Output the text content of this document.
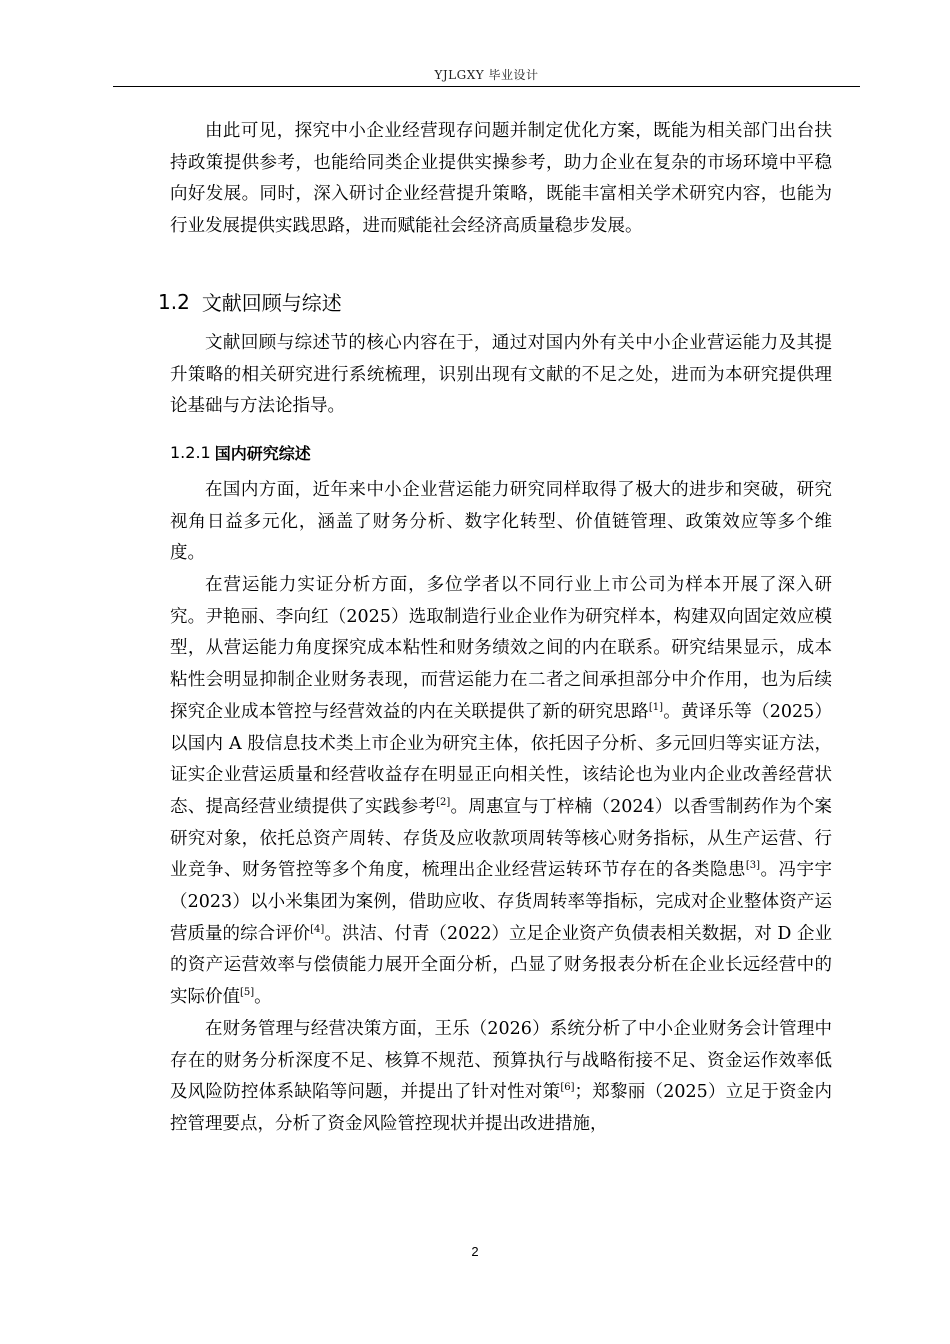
YJLGXY 毕业设计

由此可见，探究中小企业经营现存问题并制定优化方案，既能为相关部门出台扶持政策提供参考，也能给同类企业提供实操参考，助力企业在复杂的市场环境中平稳向好发展。同时，深入研讨企业经营提升策略，既能丰富相关学术研究内容，也能为行业发展提供实践思路，进而赋能社会经济高质量稳步发展。

1.2 文献回顾与综述

文献回顾与综述节的核心内容在于，通过对国内外有关中小企业营运能力及其提升策略的相关研究进行系统梳理，识别出现有文献的不足之处，进而为本研究提供理论基础与方法论指导。

1.2.1 国内研究综述

在国内方面，近年来中小企业营运能力研究同样取得了极大的进步和突破，研究视角日益多元化，涵盖了财务分析、数字化转型、价值链管理、政策效应等多个维度。

在营运能力实证分析方面，多位学者以不同行业上市公司为样本开展了深入研究。尹艳丽、李向红（2025）选取制造行业企业作为研究样本，构建双向固定效应模型，从营运能力角度探究成本粘性和财务绩效之间的内在联系。研究结果显示，成本粘性会明显抑制企业财务表现，而营运能力在二者之间承担部分中介作用，也为后续探究企业成本管控与经营效益的内在关联提供了新的研究思路[1]。黄译乐等（2025）以国内 A 股信息技术类上市企业为研究主体，依托因子分析、多元回归等实证方法，证实企业营运质量和经营收益存在明显正向相关性，该结论也为业内企业改善经营状态、提高经营业绩提供了实践参考[2]。周惠宣与丁梓楠（2024）以香雪制药作为个案研究对象，依托总资产周转、存货及应收款项周转等核心财务指标，从生产运营、行业竞争、财务管控等多个角度，梳理出企业经营运转环节存在的各类隐患[3]。冯宇宇（2023）以小米集团为案例，借助应收、存货周转率等指标，完成对企业整体资产运营质量的综合评价[4]。洪洁、付青（2022）立足企业资产负债表相关数据，对 D 企业的资产运营效率与偿债能力展开全面分析，凸显了财务报表分析在企业长远经营中的实际价值[5]。

在财务管理与经营决策方面，王乐（2026）系统分析了中小企业财务会计管理中存在的财务分析深度不足、核算不规范、预算执行与战略衔接不足、资金运作效率低及风险防控体系缺陷等问题，并提出了针对性对策[6]；郑黎丽（2025）立足于资金内控管理要点，分析了资金风险管控现状并提出改进措施，

2
